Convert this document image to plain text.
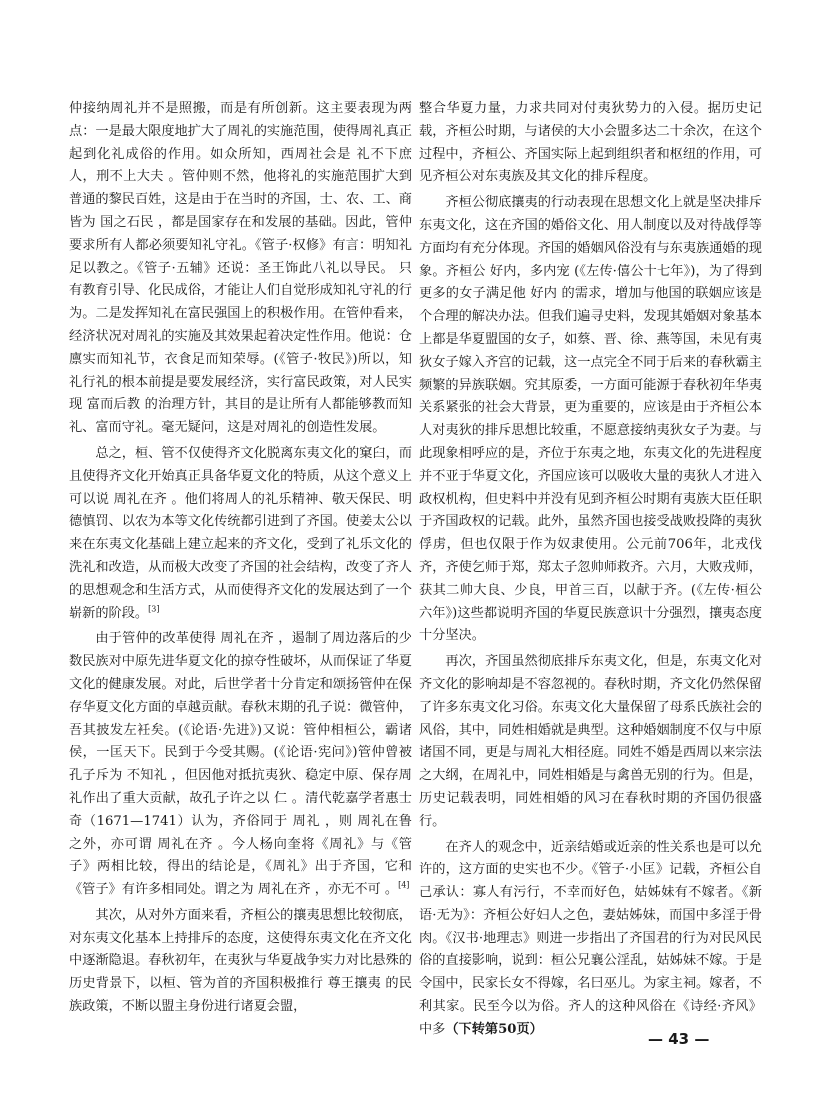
仲接纳周礼并不是照搬，而是有所创新。这主要表现为两点：一是最大限度地扩大了周礼的实施范围，使得周礼真正起到化礼成俗的作用。如众所知，西周社会是 礼不下庶人，刑不上大夫 。管仲则不然，他将礼的实施范围扩大到普通的黎民百姓，这是由于在当时的齐国，士、农、工、商皆为 国之石民 ，都是国家存在和发展的基础。因此，管仲要求所有人都必须要知礼守礼。《管子·权修》有言：明知礼足以教之。《管子·五辅》还说：圣王饰此八礼以导民。 只有教育引导、化民成俗，才能让人们自觉形成知礼守礼的行为。二是发挥知礼在富民强国上的积极作用。在管仲看来，经济状况对周礼的实施及其效果起着决定性作用。他说：仓廪实而知礼节，衣食足而知荣辱。(《管子·牧民》)所以，知礼行礼的根本前提是要发展经济，实行富民政策，对人民实现 富而后教 的治理方针，其目的是让所有人都能够教而知礼、富而守礼。毫无疑问，这是对周礼的创造性发展。

总之，桓、管不仅使得齐文化脱离东夷文化的窠臼，而且使得齐文化开始真正具备华夏文化的特质，从这个意义上可以说 周礼在齐 。他们将周人的礼乐精神、敬天保民、明德慎罚、以农为本等文化传统都引进到了齐国。使姜太公以来在东夷文化基础上建立起来的齐文化，受到了礼乐文化的洗礼和改造，从而极大改变了齐国的社会结构，改变了齐人的思想观念和生活方式，从而使得齐文化的发展达到了一个崭新的阶段。[3]

由于管仲的改革使得 周礼在齐 ，遏制了周边落后的少数民族对中原先进华夏文化的掠夺性破坏，从而保证了华夏文化的健康发展。对此，后世学者十分肯定和颂扬管仲在保存华夏文化方面的卓越贡献。春秋末期的孔子说：微管仲，吾其披发左衽矣。(《论语·先进》)又说：管仲相桓公，霸诸侯，一匡天下。民到于今受其赐。(《论语·宪问》)管仲曾被孔子斥为 不知礼 ，但因他对抵抗夷狄、稳定中原、保存周礼作出了重大贡献，故孔子许之以 仁 。清代乾嘉学者惠士奇（1671—1741）认为，齐俗同于 周礼 ，则 周礼在鲁 之外，亦可谓 周礼在齐 。今人杨向奎将《周礼》与《管子》两相比较，得出的结论是，《周礼》出于齐国，它和《管子》有许多相同处。谓之为 周礼在齐 ，亦无不可 。[4]

其次，从对外方面来看，齐桓公的攘夷思想比较彻底，对东夷文化基本上持排斥的态度，这使得东夷文化在齐文化中逐渐隐退。春秋初年，在夷狄与华夏战争实力对比悬殊的历史背景下，以桓、管为首的齐国积极推行 尊王攘夷 的民族政策，不断以盟主身份进行诸夏会盟，

整合华夏力量，力求共同对付夷狄势力的入侵。据历史记载，齐桓公时期，与诸侯的大小会盟多达二十余次，在这个过程中，齐桓公、齐国实际上起到组织者和枢纽的作用，可见齐桓公对东夷族及其文化的排斥程度。

齐桓公彻底攘夷的行动表现在思想文化上就是坚决排斥东夷文化，这在齐国的婚俗文化、用人制度以及对待战俘等方面均有充分体现。齐国的婚姻风俗没有与东夷族通婚的现象。齐桓公 好内，多内宠 (《左传·僖公十七年》)，为了得到更多的女子满足他 好内 的需求，增加与他国的联姻应该是个合理的解决办法。但我们遍寻史料，发现其婚姻对象基本上都是华夏盟国的女子，如蔡、晋、徐、燕等国，未见有夷狄女子嫁入齐宫的记载，这一点完全不同于后来的春秋霸主频繁的异族联姻。究其原委，一方面可能源于春秋初年华夷关系紧张的社会大背景，更为重要的，应该是由于齐桓公本人对夷狄的排斥思想比较重，不愿意接纳夷狄女子为妻。与此现象相呼应的是，齐位于东夷之地，东夷文化的先进程度并不亚于华夏文化，齐国应该可以吸收大量的夷狄人才进入政权机构，但史料中并没有见到齐桓公时期有夷族大臣任职于齐国政权的记载。此外，虽然齐国也接受战败投降的夷狄俘虏，但也仅限于作为奴隶使用。公元前706年，北戎伐齐，齐使乞师于郑，郑太子忽帅师救齐。六月，大败戎师，获其二帅大良、少良，甲首三百，以献于齐。(《左传·桓公六年》)这些都说明齐国的华夏民族意识十分强烈，攘夷态度十分坚决。

再次，齐国虽然彻底排斥东夷文化，但是，东夷文化对齐文化的影响却是不容忽视的。春秋时期，齐文化仍然保留了许多东夷文化习俗。东夷文化大量保留了母系氏族社会的风俗，其中，同姓相婚就是典型。这种婚姻制度不仅与中原诸国不同，更是与周礼大相径庭。同姓不婚是西周以来宗法之大纲，在周礼中，同姓相婚是与禽兽无别的行为。但是，历史记载表明，同姓相婚的风习在春秋时期的齐国仍很盛行。

在齐人的观念中，近亲结婚或近亲的性关系也是可以允许的，这方面的史实也不少。《管子·小匡》记载，齐桓公自己承认：寡人有污行，不幸而好色，姑姊妹有不嫁者。《新语·无为》：齐桓公好妇人之色，妻姑姊妹，而国中多淫于骨肉。《汉书·地理志》则进一步指出了齐国君的行为对民风民俗的直接影响，说到：桓公兄襄公淫乱，姑姊妹不嫁。于是令国中，民家长女不得嫁，名曰巫儿。为家主祠。嫁者，不利其家。民至今以为俗。齐人的这种风俗在《诗经·齐风》中多（下转第50页）

— 43 —
